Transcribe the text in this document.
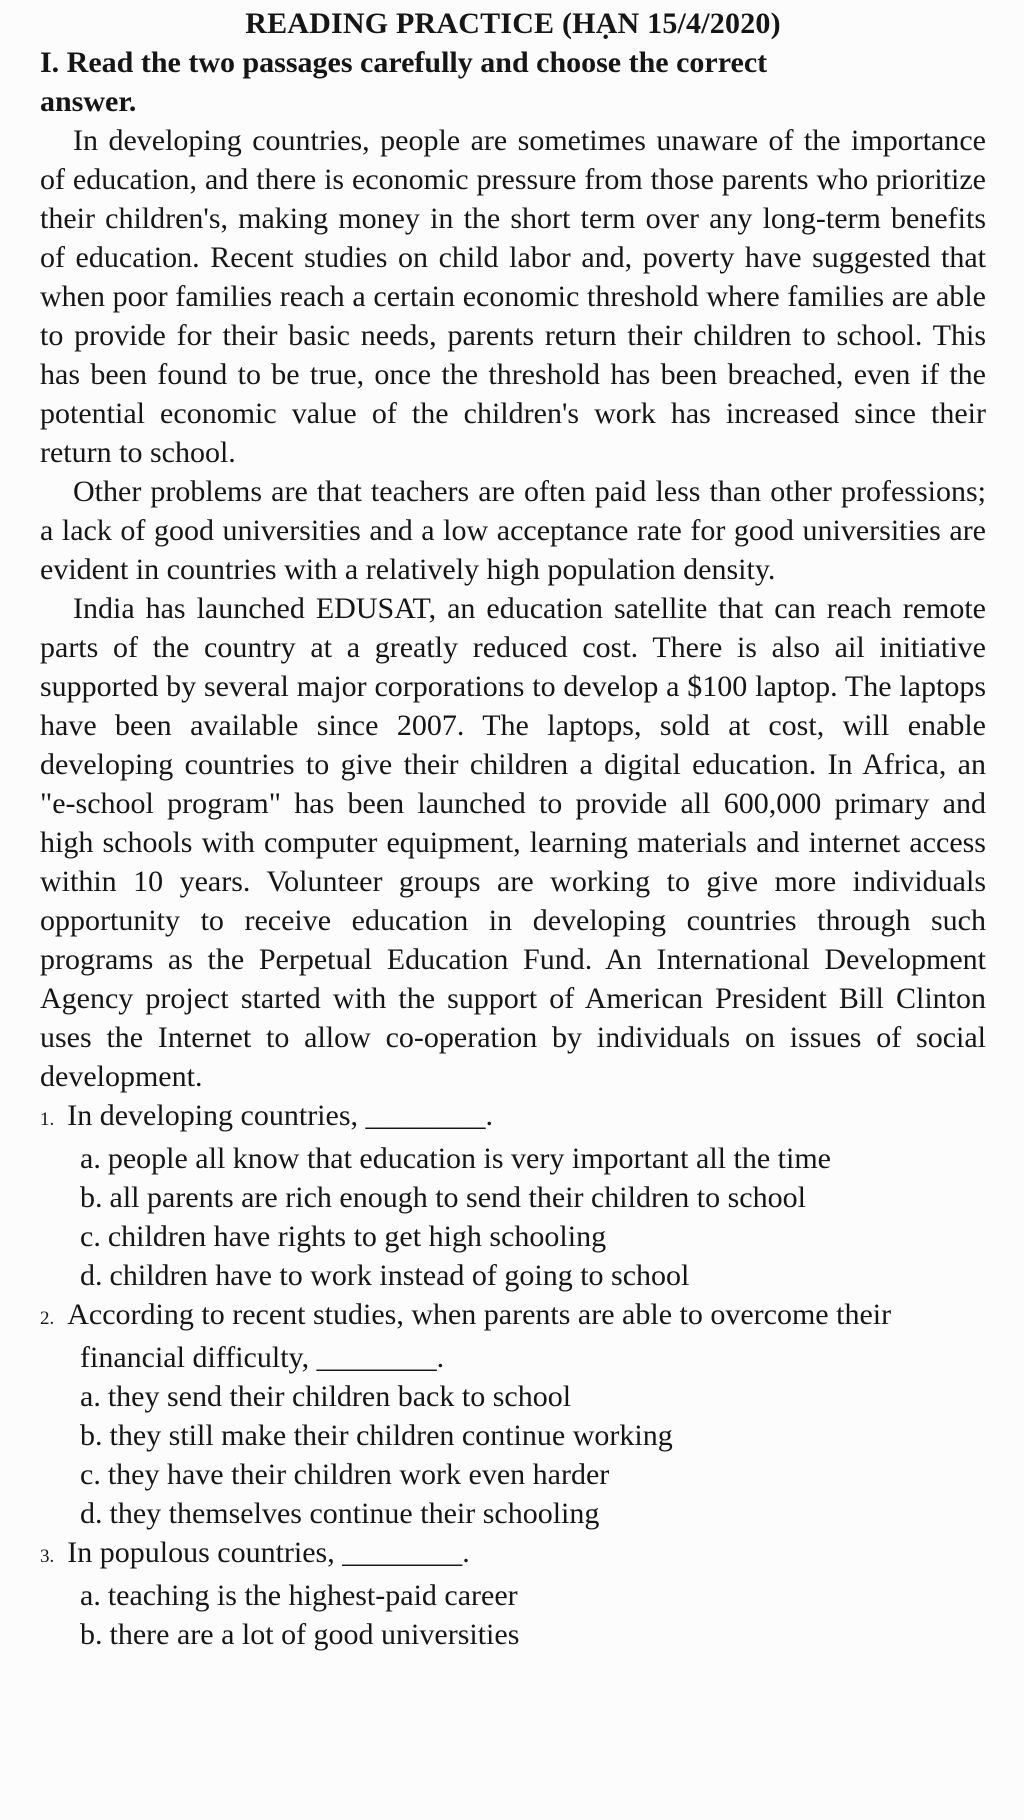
READING PRACTICE (HẠN 15/4/2020)
I. Read the two passages carefully and choose the correct answer.

In developing countries, people are sometimes unaware of the importance of education, and there is economic pressure from those parents who prioritize their children's, making money in the short term over any long-term benefits of education. Recent studies on child labor and, poverty have suggested that when poor families reach a certain economic threshold where families are able to provide for their basic needs, parents return their children to school. This has been found to be true, once the threshold has been breached, even if the potential economic value of the children's work has increased since their return to school.

Other problems are that teachers are often paid less than other professions; a lack of good universities and a low acceptance rate for good universities are evident in countries with a relatively high population density.

India has launched EDUSAT, an education satellite that can reach remote parts of the country at a greatly reduced cost. There is also ail initiative supported by several major corporations to develop a $100 laptop. The laptops have been available since 2007. The laptops, sold at cost, will enable developing countries to give their children a digital education. In Africa, an "e-school program" has been launched to provide all 600,000 primary and high schools with computer equipment, learning materials and internet access within 10 years. Volunteer groups are working to give more individuals opportunity to receive education in developing countries through such programs as the Perpetual Education Fund. An International Development Agency project started with the support of American President Bill Clinton uses the Internet to allow co-operation by individuals on issues of social development.

1. In developing countries, ________.
a. people all know that education is very important all the time
b. all parents are rich enough to send their children to school
c. children have rights to get high schooling
d. children have to work instead of going to school
2. According to recent studies, when parents are able to overcome their financial difficulty, ________.
a. they send their children back to school
b. they still make their children continue working
c. they have their children work even harder
d. they themselves continue their schooling
3. In populous countries, ________.
a. teaching is the highest-paid career
b. there are a lot of good universities
